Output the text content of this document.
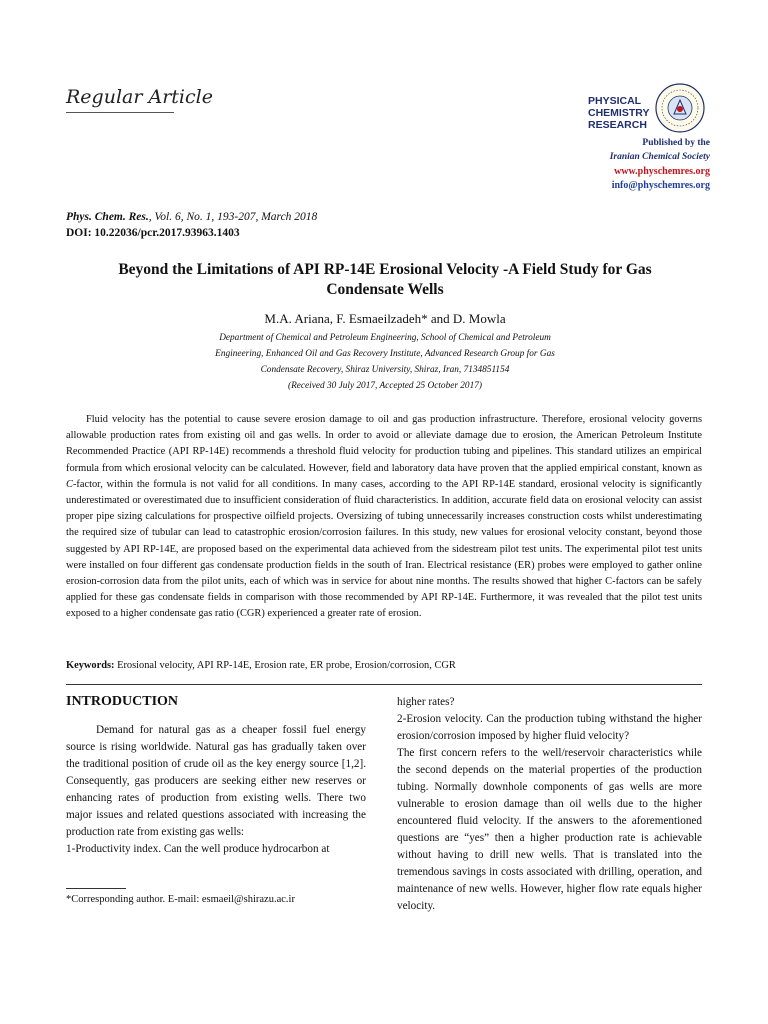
Regular Article	PHYSICAL
CHEMISTRY
RESEARCH
Published by the
Iranian Chemical Society
www.physchemres.org
info@physchemres.org
Phys. Chem. Res., Vol. 6, No. 1, 193-207, March 2018
DOI: 10.22036/pcr.2017.93963.1403
Beyond the Limitations of API RP-14E Erosional Velocity -A Field Study for Gas
Condensate Wells
M.A. Ariana, F. Esmaeilzadeh* and D. Mowla
Department of Chemical and Petroleum Engineering, School of Chemical and Petroleum
Engineering, Enhanced Oil and Gas Recovery Institute, Advanced Research Group for Gas
Condensate Recovery, Shiraz University, Shiraz, Iran, 7134851154
(Received 30 July 2017, Accepted 25 October 2017)

Fluid velocity has the potential to cause severe erosion damage to oil and gas production infrastructure. Therefore, erosional velocity governs allowable production rates from existing oil and gas wells. In order to avoid or alleviate damage due to erosion, the American Petroleum Institute Recommended Practice (API RP-14E) recommends a threshold fluid velocity for production tubing and pipelines. This standard utilizes an empirical formula from which erosional velocity can be calculated. However, field and laboratory data have proven that the applied empirical constant, known as C-factor, within the formula is not valid for all conditions. In many cases, according to the API RP-14E standard, erosional velocity is significantly underestimated or overestimated due to insufficient consideration of fluid characteristics. In addition, accurate field data on erosional velocity can assist proper pipe sizing calculations for prospective oilfield projects. Oversizing of tubing unnecessarily increases construction costs whilst underestimating the required size of tubular can lead to catastrophic erosion/corrosion failures. In this study, new values for erosional velocity constant, beyond those suggested by API RP-14E, are proposed based on the experimental data achieved from the sidestream pilot test units. The experimental pilot test units were installed on four different gas condensate production fields in the south of Iran. Electrical resistance (ER) probes were employed to gather online erosion-corrosion data from the pilot units, each of which was in service for about nine months. The results showed that higher C-factors can be safely applied for these gas condensate fields in comparison with those recommended by API RP-14E. Furthermore, it was revealed that the pilot test units exposed to a higher condensate gas ratio (CGR) experienced a greater rate of erosion.

Keywords: Erosional velocity, API RP-14E, Erosion rate, ER probe, Erosion/corrosion, CGR
INTRODUCTION

Demand for natural gas as a cheaper fossil fuel energy source is rising worldwide. Natural gas has gradually taken over the traditional position of crude oil as the key energy source [1,2]. Consequently, gas producers are seeking either new reserves or enhancing rates of production from existing wells. There two major issues and related questions associated with increasing the production rate from existing gas wells:

1-Productivity index. Can the well produce hydrocarbon at

*Corresponding author. E-mail: esmaeil@shirazu.ac.ir

higher rates?

2-Erosion velocity. Can the production tubing withstand the higher erosion/corrosion imposed by higher fluid velocity?

The first concern refers to the well/reservoir characteristics while the second depends on the material properties of the production tubing. Normally downhole components of gas wells are more vulnerable to erosion damage than oil wells due to the higher encountered fluid velocity. If the answers to the aforementioned questions are “yes” then a higher production rate is achievable without having to drill new wells. That is translated into the tremendous savings in costs associated with drilling, operation, and maintenance of new wells. However, higher flow rate equals higher velocity.
